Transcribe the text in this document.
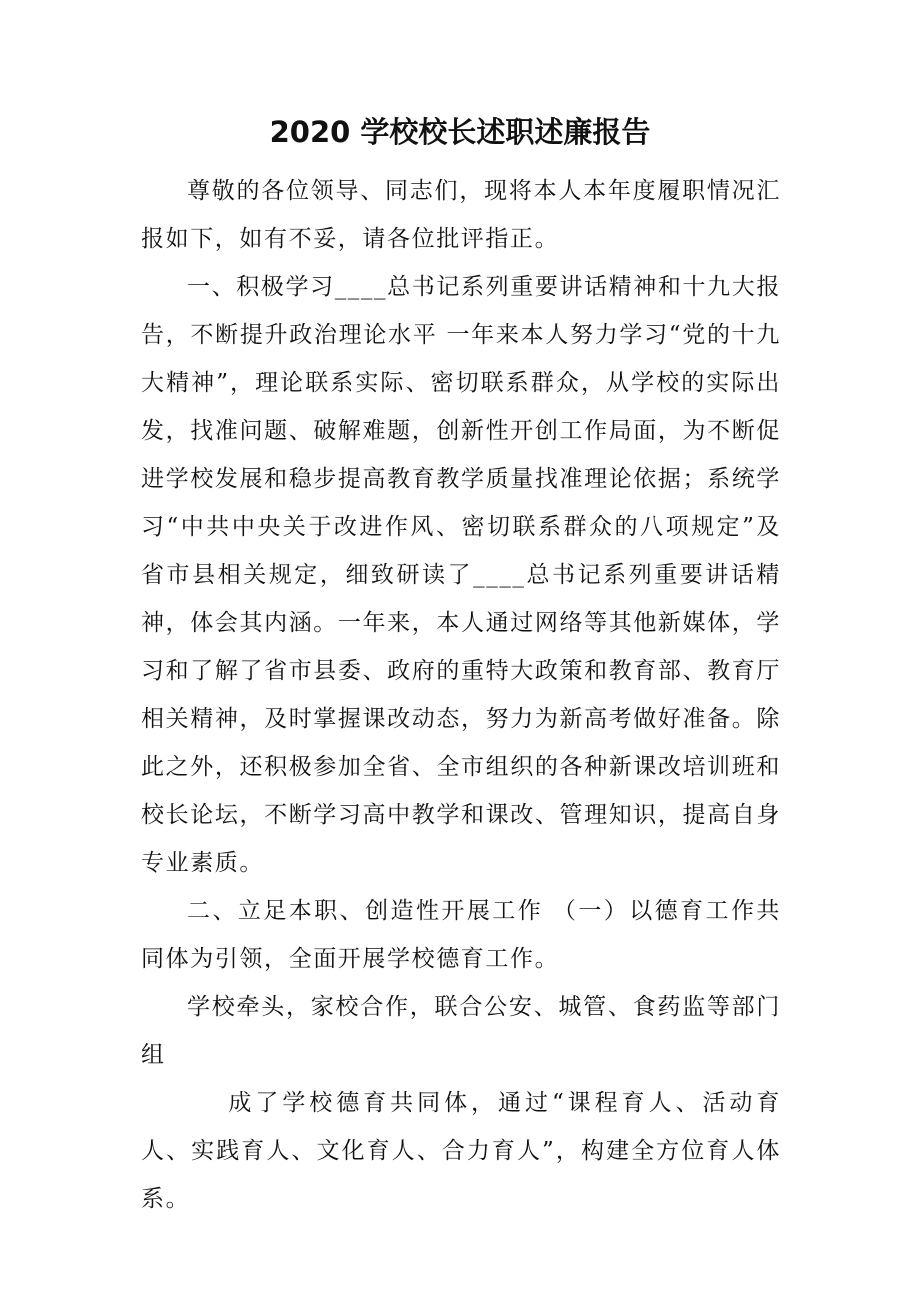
2020 学校校长述职述廉报告

尊敬的各位领导、同志们，现将本人本年度履职情况汇报如下，如有不妥，请各位批评指正。

一、积极学习____总书记系列重要讲话精神和十九大报告，不断提升政治理论水平 一年来本人努力学习“党的十九大精神”，理论联系实际、密切联系群众，从学校的实际出发，找准问题、破解难题，创新性开创工作局面，为不断促进学校发展和稳步提高教育教学质量找准理论依据；系统学习“中共中央关于改进作风、密切联系群众的八项规定”及省市县相关规定，细致研读了____总书记系列重要讲话精神，体会其内涵。一年来，本人通过网络等其他新媒体，学习和了解了省市县委、政府的重特大政策和教育部、教育厅相关精神，及时掌握课改动态，努力为新高考做好准备。除此之外，还积极参加全省、全市组织的各种新课改培训班和校长论坛，不断学习高中教学和课改、管理知识，提高自身专业素质。

二、立足本职、创造性开展工作 （一）以德育工作共同体为引领，全面开展学校德育工作。

学校牵头，家校合作，联合公安、城管、食药监等部门组

成了学校德育共同体，通过“课程育人、活动育人、实践育人、文化育人、合力育人”，构建全方位育人体系。
